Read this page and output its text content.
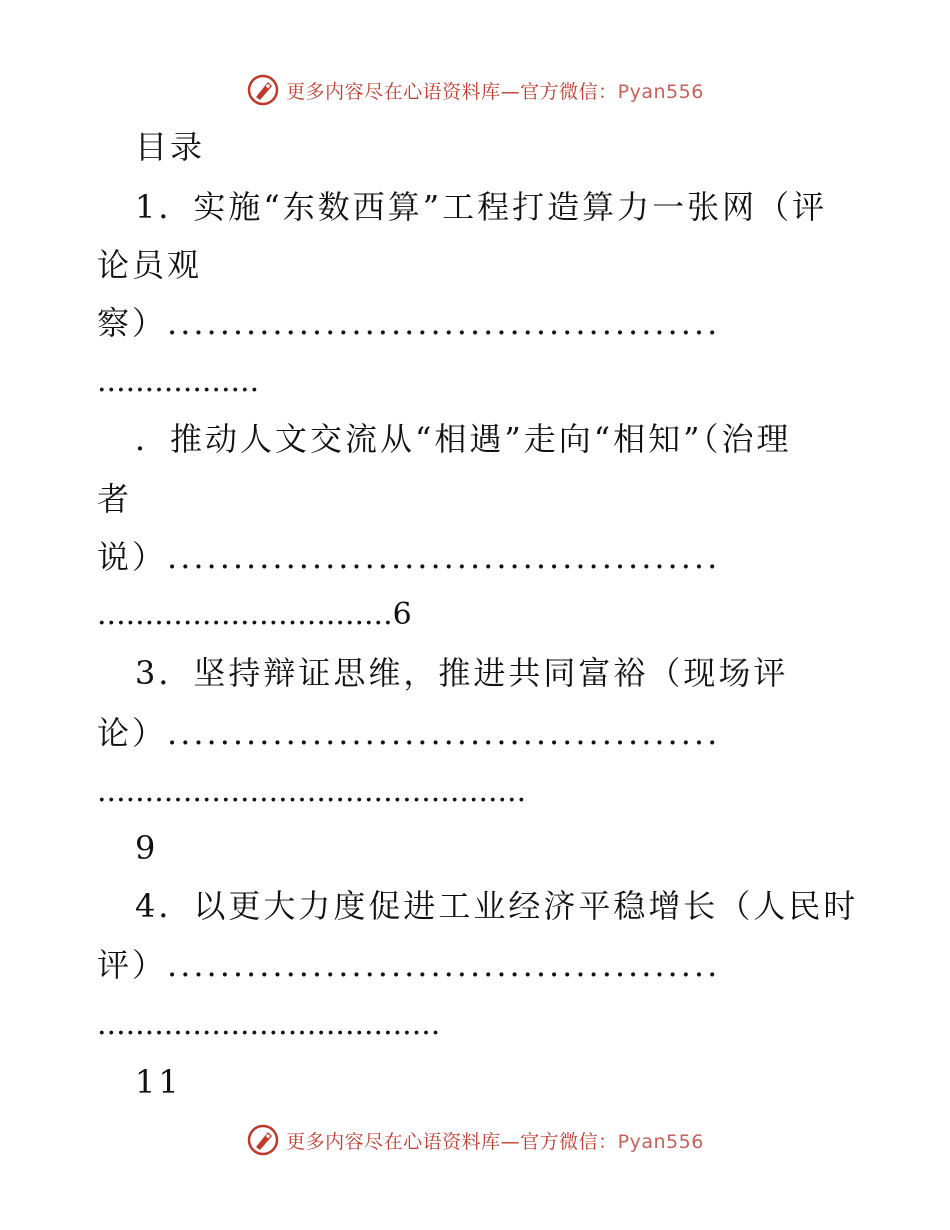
更多内容尽在心语资料库—官方微信：Pyan556
目录
1．实施“东数西算”工程打造算力一张网（评
论员观
察）..........................................
.................
．推动人文交流从“相遇”走向“相知”（治理
者
说）..........................................
...............................6
3．坚持辩证思维，推进共同富裕（现场评
论）..........................................
.............................................
9
4．以更大力度促进工业经济平稳增长（人民时
评）..........................................
....................................
11
更多内容尽在心语资料库—官方微信：Pyan556
